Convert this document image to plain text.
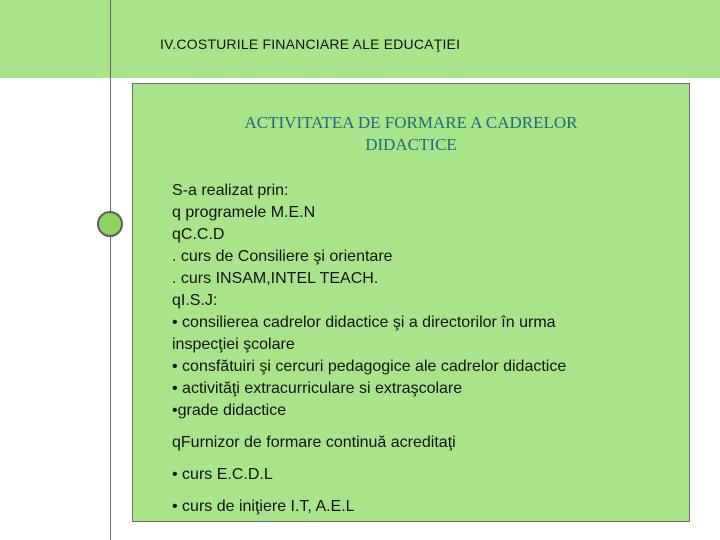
IV.COSTURILE FINANCIARE ALE EDUCAŢIEI
ACTIVITATEA DE FORMARE A CADRELOR
DIDACTICE
S-a realizat prin:
q programele M.E.N
qC.C.D
. curs de Consiliere şi orientare
. curs INSAM,INTEL TEACH.
qI.S.J:
• consilierea cadrelor didactice şi a directorilor în urma
inspecţiei şcolare
• consfătuiri şi cercuri pedagogice ale cadrelor didactice
• activităţi extracurriculare si extraşcolare
•grade didactice
qFurnizor de formare continuă acreditaţi
• curs E.C.D.L
• curs de iniţiere I.T, A.E.L
